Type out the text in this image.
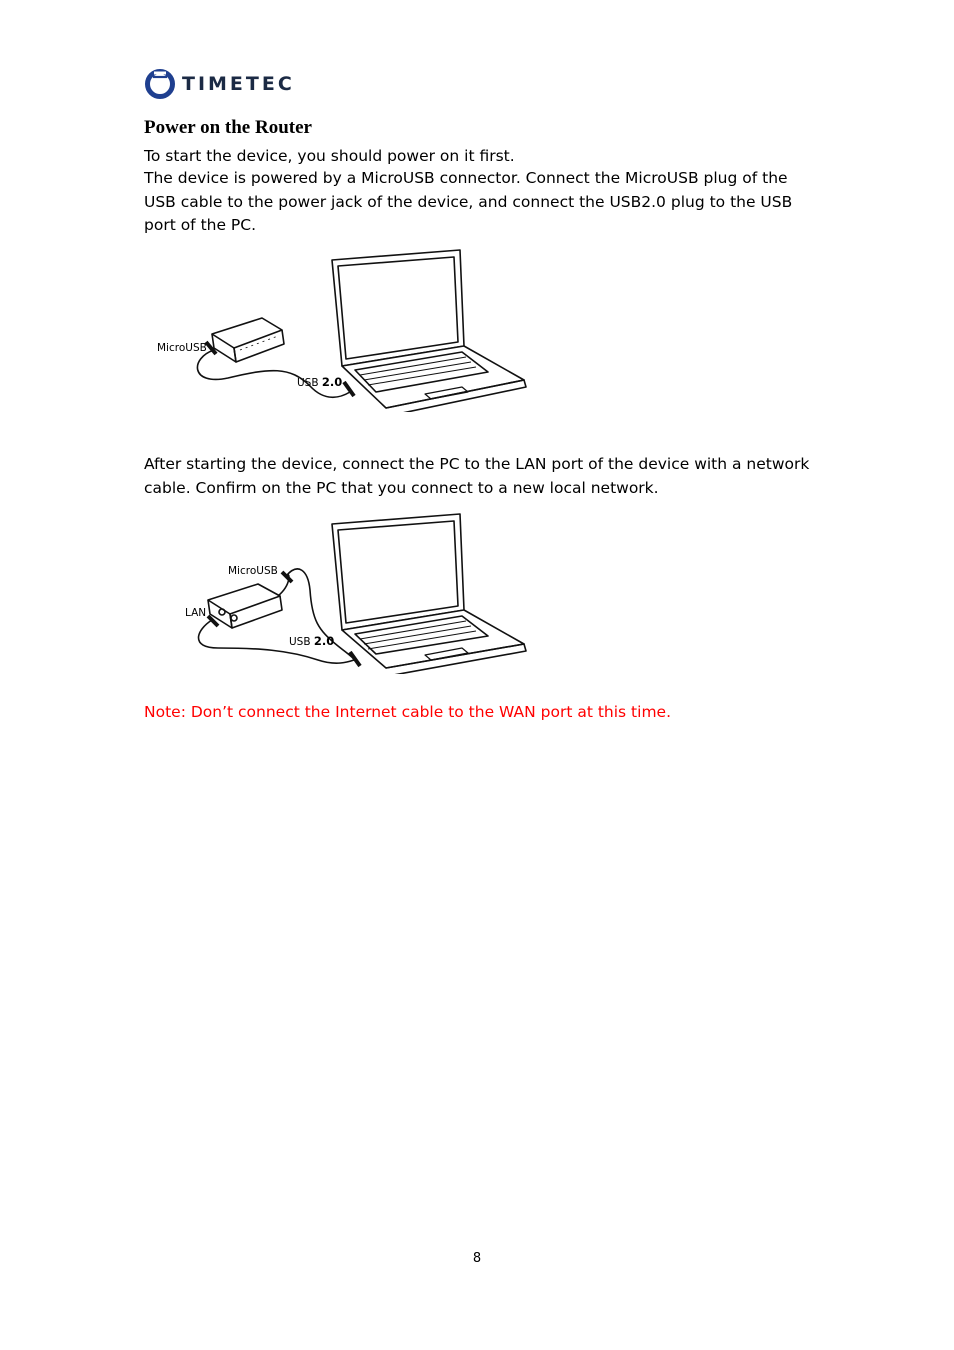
TIMETEC
Power on the Router

To start the device, you should power on it first.

The device is powered by a MicroUSB connector. Connect the MicroUSB plug of the USB cable to the power jack of the device, and connect the USB2.0 plug to the USB port of the PC.

MicroUSB
USB 2.0

After starting the device, connect the PC to the LAN port of the device with a network cable. Confirm on the PC that you connect to a new local network.

MicroUSB
LAN
USB 2.0

Note: Don’t connect the Internet cable to the WAN port at this time.

8
